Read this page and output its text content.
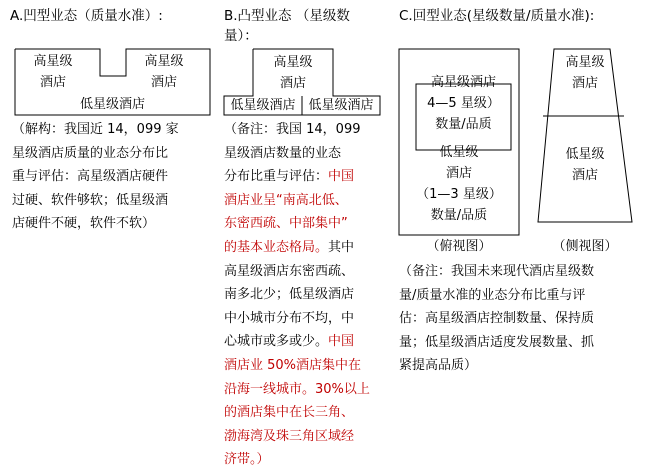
A.凹型业态（质量水准）:
高星级
酒店
高星级
酒店
低星级酒店

（解构：我国近 14，099 家

星级酒店质量的业态分布比

重与评估：高星级酒店硬件

过硬、软件够软；低星级酒

店硬件不硬，软件不软）

B.凸型业态 （星级数
量）：
高星级
酒店
低星级酒店 低星级酒店

（备注：我国 14，099

星级酒店数量的业态

分布比重与评估：中国

酒店业呈“南高北低、

东密西疏、中部集中”

的基本业态格局。其中

高星级酒店东密西疏、

南多北少；低星级酒店

中小城市分布不均，中

心城市或多或少。中国

酒店业 50%酒店集中在

沿海一线城市。30%以上

的酒店集中在长三角、

渤海湾及珠三角区域经

济带。）

C.回型业态(星级数量/质量水准):
高星级酒店
4—5 星级）
数量/品质
低星级
酒店
（1—3 星级）
数量/品质
（俯视图）
高星级
酒店
低星级
酒店
（侧视图）

（备注：我国未来现代酒店星级数

量/质量水准的业态分布比重与评

估：高星级酒店控制数量、保持质

量；低星级酒店适度发展数量、抓

紧提高品质）
